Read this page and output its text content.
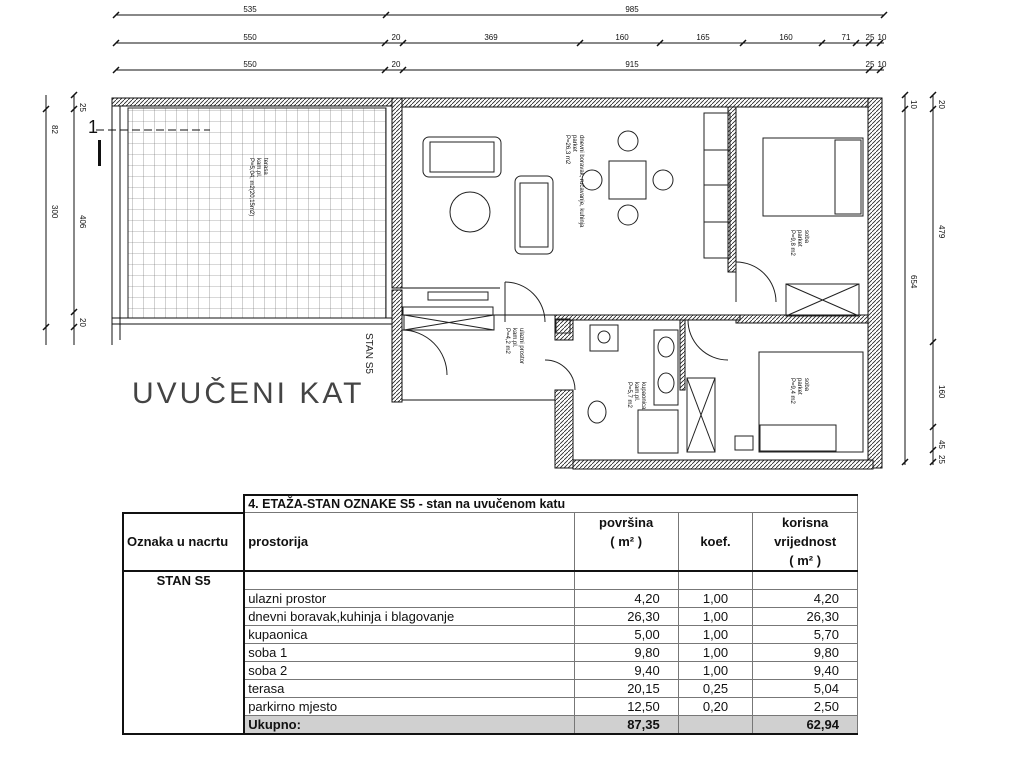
535	985
550	20	369	160	165	160	71 25 10
550	20	915	25 10
25
82
300
406
20
10 20
479
654
160
45
25
1
terasa
kam.pl.
P=5,04, m2(20,15m2)	dnevni boravak, ručavanje, kuhinja
parket
P=26,3 m2
soba
parket
P=9,8 m2
soba
parket
P=9,4 m2
ulazni prostor
kam.pl.
P=4,2 m2
kupaonica
kam.pl.
P=5,7 m2
STAN S5
UVUČENI KAT
	4. ETAŽA-STAN OZNAKE S5 - stan na uvučenom katu			
Oznaka u nacrtu	prostorija	površina	koef.	korisna
		( m² )		vrijednost
				( m² )
STAN S5				
	ulazni prostor	4,20	1,00	4,20
	dnevni boravak,kuhinja i blagovanje	26,30	1,00	26,30
	kupaonica	5,00	1,00	5,70
	soba 1	9,80	1,00	9,80
	soba 2	9,40	1,00	9,40
	terasa	20,15	0,25	5,04
	parkirno mjesto	12,50	0,20	2,50
	Ukupno:	87,35		62,94
